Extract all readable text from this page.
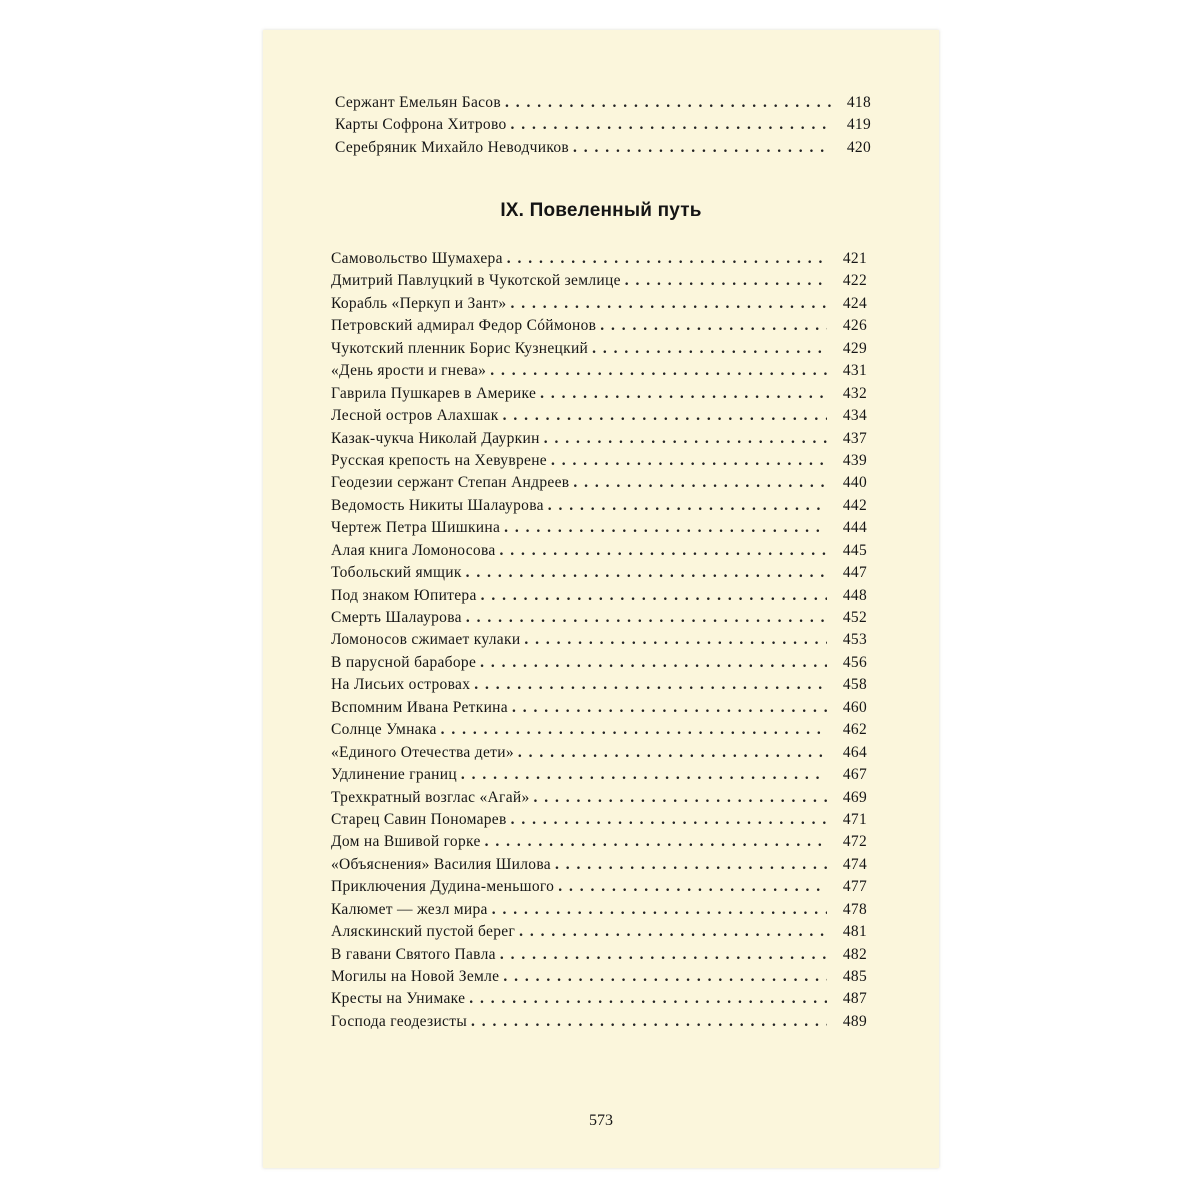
Сержант Емельян Басов . . .	418
Карты Софрона Хитрово . . .	419
Серебряник Михайло Неводчиков . . .	420
IX. Повеленный путь
Самовольство Шумахера . . .	421
Дмитрий Павлуцкий в Чукотской землице . . .	422
Корабль «Перкуп и Зант» . . .	424
Петровский адмирал Федор Сóймонов . . .	426
Чукотский пленник Борис Кузнецкий . . .	429
«День ярости и гнева» . . .	431
Гаврила Пушкарев в Америке . . .	432
Лесной остров Алахшак . . .	434
Казак-чукча Николай Дауркин . . .	437
Русская крепость на Хевуврене . . .	439
Геодезии сержант Степан Андреев . . .	440
Ведомость Никиты Шалаурова . . .	442
Чертеж Петра Шишкина . . .	444
Алая книга Ломоносова . . .	445
Тобольский ямщик . . .	447
Под знаком Юпитера . . .	448
Смерть Шалаурова . . .	452
Ломоносов сжимает кулаки . . .	453
В парусной бараборе . . .	456
На Лисьих островах . . .	458
Вспомним Ивана Реткина . . .	460
Солнце Умнака . . .	462
«Единого Отечества дети» . . .	464
Удлинение границ . . .	467
Трехкратный возглас «Агай» . . .	469
Старец Савин Пономарев . . .	471
Дом на Вшивой горке . . .	472
«Объяснения» Василия Шилова . . .	474
Приключения Дудина-меньшого . . .	477
Калюмет — жезл мира . . .	478
Аляскинский пустой берег . . .	481
В гавани Святого Павла . . .	482
Могилы на Новой Земле . . .	485
Кресты на Унимаке . . .	487
Господа геодезисты . . .	489
573
